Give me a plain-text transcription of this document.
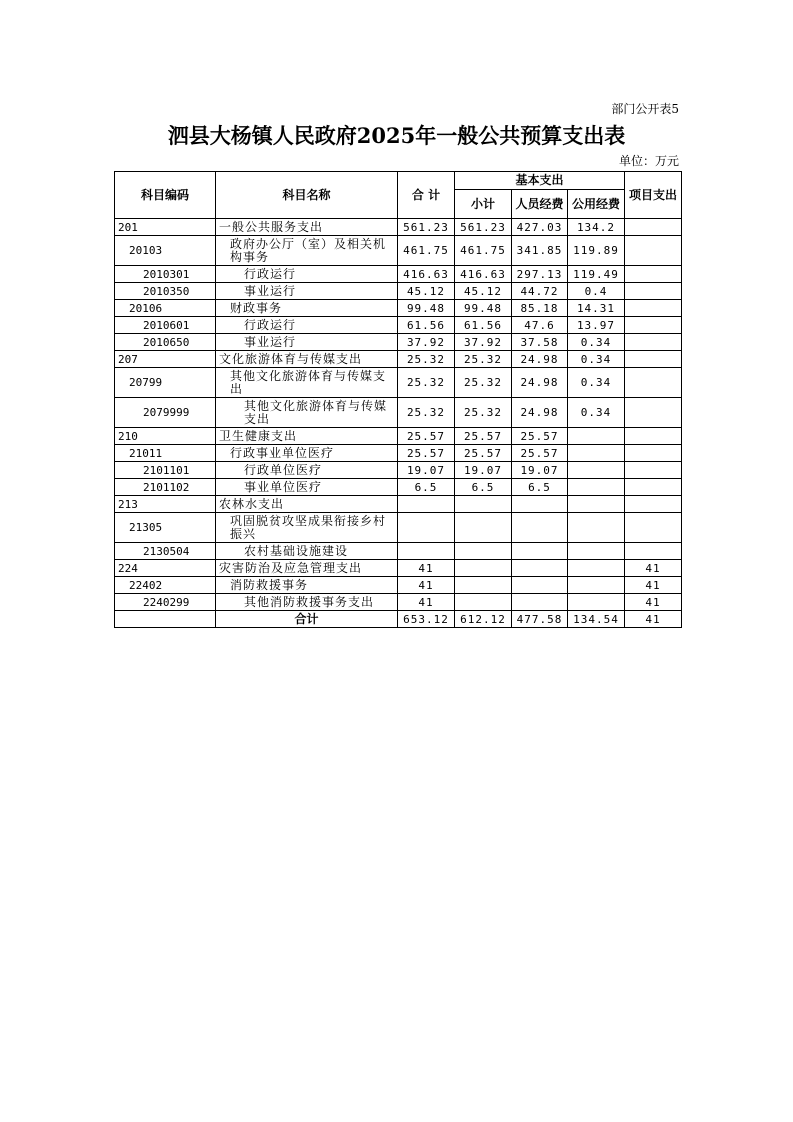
部门公开表5
泗县大杨镇人民政府2025年一般公共预算支出表
单位：万元
科目编码	科目名称	合 计	基本支出			项目支出
			小计	人员经费	公用经费	
201	一般公共服务支出	561.23	561.23	427.03	134.2	
20103	政府办公厅（室）及相关机构事务	461.75	461.75	341.85	119.89	
2010301	行政运行	416.63	416.63	297.13	119.49	
2010350	事业运行	45.12	45.12	44.72	0.4	
20106	财政事务	99.48	99.48	85.18	14.31	
2010601	行政运行	61.56	61.56	47.6	13.97	
2010650	事业运行	37.92	37.92	37.58	0.34	
207	文化旅游体育与传媒支出	25.32	25.32	24.98	0.34	
20799	其他文化旅游体育与传媒支出	25.32	25.32	24.98	0.34	
2079999	其他文化旅游体育与传媒支出	25.32	25.32	24.98	0.34	
210	卫生健康支出	25.57	25.57	25.57		
21011	行政事业单位医疗	25.57	25.57	25.57		
2101101	行政单位医疗	19.07	19.07	19.07		
2101102	事业单位医疗	6.5	6.5	6.5		
213	农林水支出					
21305	巩固脱贫攻坚成果衔接乡村振兴					
2130504	农村基础设施建设					
224	灾害防治及应急管理支出	41				41
22402	消防救援事务	41				41
2240299	其他消防救援事务支出	41				41
	合计	653.12	612.12	477.58	134.54	41
